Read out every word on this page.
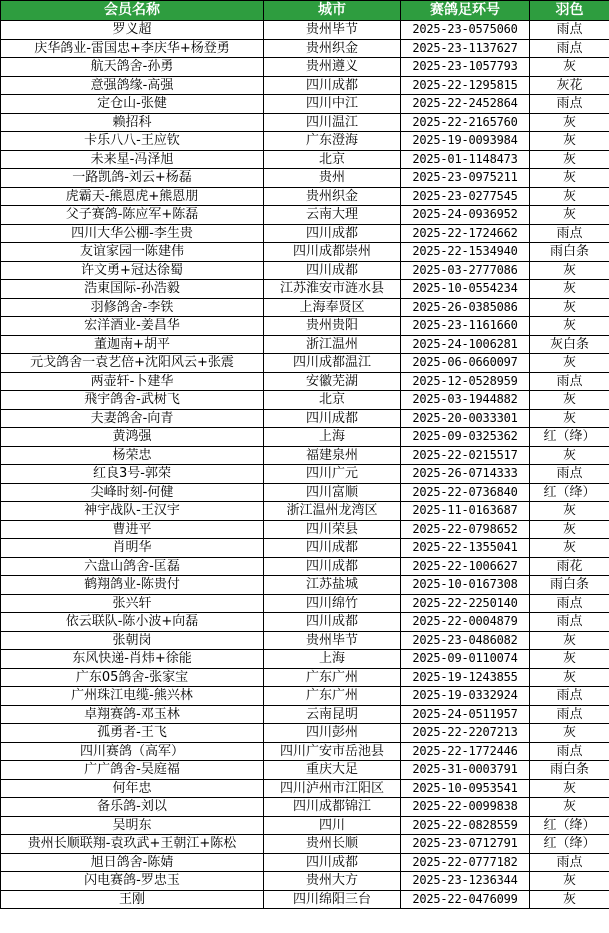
会员名称	城市	赛鸽足环号	羽色
罗义超	贵州毕节	2025-23-0575060	雨点
庆华鸽业-雷国忠+李庆华+杨登勇	贵州织金	2025-23-1137627	雨点
航天鸽舍-孙勇	贵州遵义	2025-23-1057793	灰
意强鸽缘-高强	四川成都	2025-22-1295815	灰花
定仓山-张健	四川中江	2025-22-2452864	雨点
赖招科	四川温江	2025-22-2165760	灰
卡乐八八-王应钦	广东澄海	2025-19-0093984	灰
未来星-冯泽旭	北京	2025-01-1148473	灰
一路凯鸽-刘云+杨磊	贵州	2025-23-0975211	灰
虎霸天-熊恩虎+熊恩朋	贵州织金	2025-23-0277545	灰
父子赛鸽-陈应军+陈磊	云南大理	2025-24-0936952	灰
四川大华公棚-李生贵	四川成都	2025-22-1724662	雨点
友谊家园一陈建伟	四川成都崇州	2025-22-1534940	雨白条
许文勇+冠达徐蜀	四川成都	2025-03-2777086	灰
浩東国际-孙浩毅	江苏淮安市涟水县	2025-10-0554234	灰
羽修鸽舍-李铁	上海奉贤区	2025-26-0385086	灰
宏洋酒业-姜昌华	贵州贵阳	2025-23-1161660	灰
董迦南+胡平	浙江温州	2025-24-1006281	灰白条
元戈鸽舍一袁艺倍+沈阳风云+张震	四川成都温江	2025-06-0660097	灰
两壶轩-卜建华	安徽芜湖	2025-12-0528959	雨点
飛宇鸽舍-武树飞	北京	2025-03-1944882	灰
夫妻鸽舍-向青	四川成都	2025-20-0033301	灰
黄鸿强	上海	2025-09-0325362	红（绛）
杨荣忠	福建泉州	2025-22-0215517	灰
红良3号-郭荣	四川广元	2025-26-0714333	雨点
尖峰时刻-何健	四川富顺	2025-22-0736840	红（绛）
神宇战队-王汉宇	浙江温州龙湾区	2025-11-0163687	灰
曹进平	四川荣县	2025-22-0798652	灰
肖明华	四川成都	2025-22-1355041	灰
六盘山鸽舍-匡磊	四川成都	2025-22-1006627	雨花
鹤翔鸽业-陈贵付	江苏盐城	2025-10-0167308	雨白条
张兴轩	四川绵竹	2025-22-2250140	雨点
依云联队-陈小波+向磊	四川成都	2025-22-0004879	雨点
张朝岗	贵州毕节	2025-23-0486082	灰
东风快递-肖炜+徐能	上海	2025-09-0110074	灰
广东05鸽舍-张家宝	广东广州	2025-19-1243855	灰
广州珠江电缆-熊兴林	广东广州	2025-19-0332924	雨点
卓翔赛鸽-邓玉林	云南昆明	2025-24-0511957	雨点
孤勇者-王飞	四川彭州	2025-22-2207213	灰
四川赛鸽（高军）	四川广安市岳池县	2025-22-1772446	雨点
广广鸽舍-吴庭福	重庆大足	2025-31-0003791	雨白条
何年忠	四川泸州市江阳区	2025-10-0953541	灰
备乐鸽-刘以	四川成都锦江	2025-22-0099838	灰
吴明东	四川	2025-22-0828559	红（绛）
贵州长顺联翔-袁玖武+王朝江+陈松	贵州长顺	2025-23-0712791	红（绛）
旭日鸽舍-陈婧	四川成都	2025-22-0777182	雨点
闪电赛鸽-罗忠玉	贵州大方	2025-23-1236344	灰
王刚	四川绵阳三台	2025-22-0476099	灰
